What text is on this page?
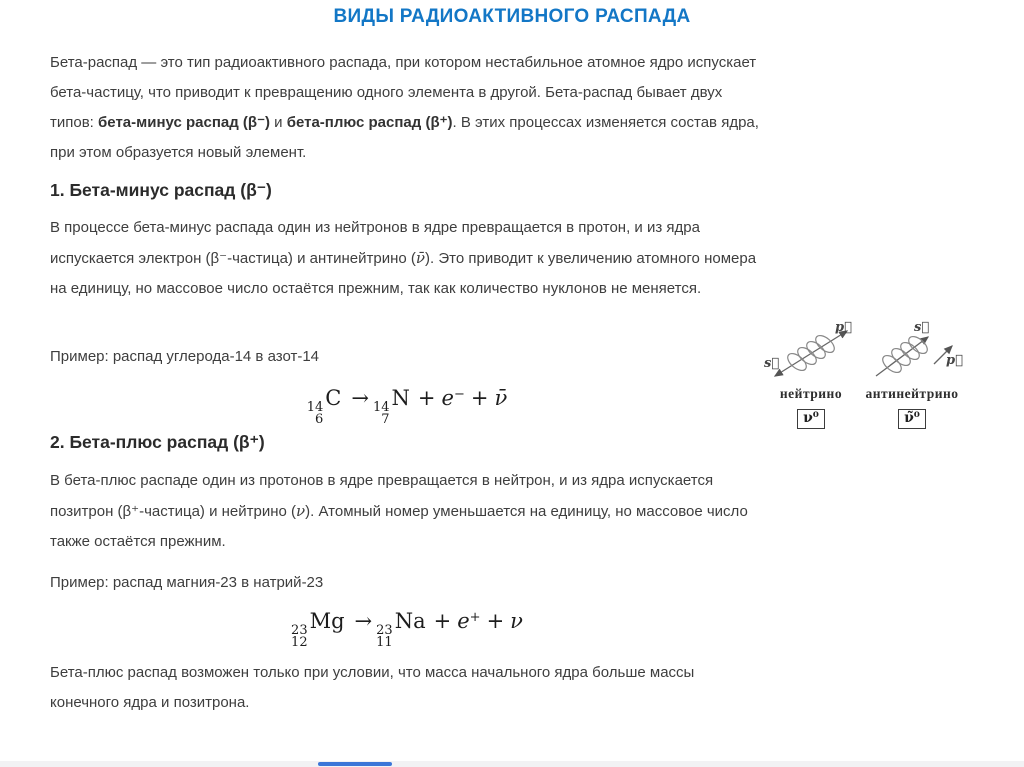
ВИДЫ РАДИОАКТИВНОГО РАСПАДА
Бета-распад — это тип радиоактивного распада, при котором нестабильное атомное ядро испускает бета-частицу, что приводит к превращению одного элемента в другой. Бета-распад бывает двух типов: бета-минус распад (β⁻) и бета-плюс распад (β⁺). В этих процессах изменяется состав ядра, при этом образуется новый элемент.
1. Бета-минус распад (β⁻)
В процессе бета-минус распада один из нейтронов в ядре превращается в протон, и из ядра испускается электрон (β⁻-частица) и антинейтрино (ν̄). Это приводит к увеличению атомного номера на единицу, но массовое число остаётся прежним, так как количество нуклонов не меняется.
Пример: распад углерода-14 в азот-14
14
6
C → 14
7
N + e− + ν̄
2. Бета-плюс распад (β⁺)
В бета-плюс распаде один из протонов в ядре превращается в нейтрон, и из ядра испускается позитрон (β⁺-частица) и нейтрино (ν). Атомный номер уменьшается на единицу, но массовое число также остаётся прежним.
Пример: распад магния-23 в натрий-23
23
12
Mg → 23
11
Na + e+ + ν
Бета-плюс распад возможен только при условии, что масса начального ядра больше массы конечного ядра и позитрона.
p⃗
s⃗
нейтрино
ν⁰
s⃗
p⃗
антинейтрино
ν̃⁰
